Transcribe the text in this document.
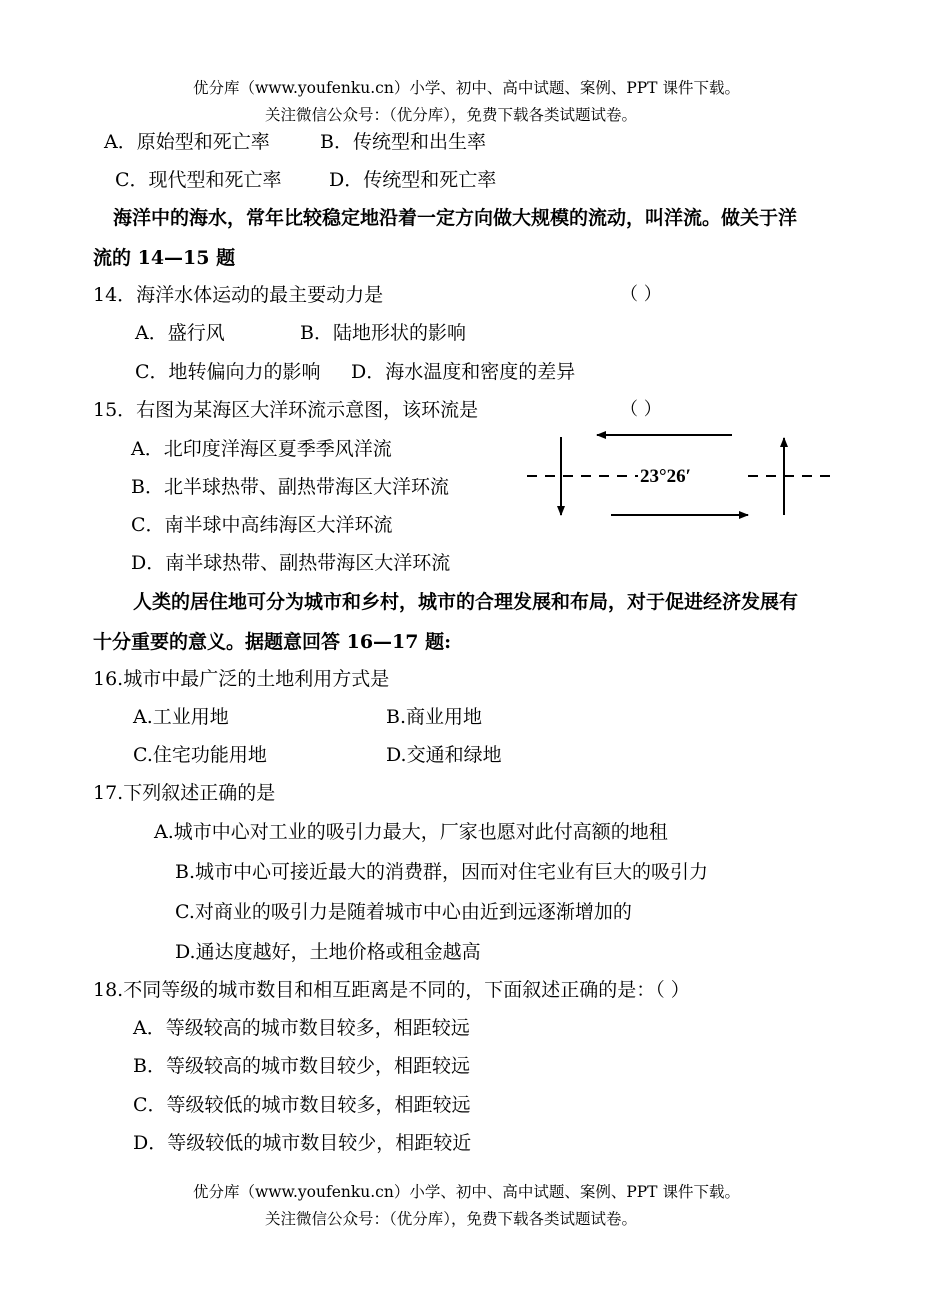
优分库（www.youfenku.cn）小学、初中、高中试题、案例、PPT 课件下载。
关注微信公众号：（优分库），免费下载各类试题试卷。
A．原始型和死亡率	B．传统型和出生率
C．现代型和死亡率 D．传统型和死亡率
海洋中的海水，常年比较稳定地沿着一定方向做大规模的流动，叫洋流。做关于洋
流的 14—15 题
14．海洋水体运动的最主要动力是	（ ）
A．盛行风	B．陆地形状的影响
C．地转偏向力的影响 D．海水温度和密度的差异
15．右图为某海区大洋环流示意图，该环流是	（ ）
A．北印度洋海区夏季季风洋流
B．北半球热带、副热带海区大洋环流
C．南半球中高纬海区大洋环流
D．南半球热带、副热带海区大洋环流
23°26′
人类的居住地可分为城市和乡村，城市的合理发展和布局，对于促进经济发展有
十分重要的意义。据题意回答 16—17 题:
16.城市中最广泛的土地利用方式是
A.工业用地	B.商业用地
C.住宅功能用地	D.交通和绿地
17.下列叙述正确的是
A.城市中心对工业的吸引力最大，厂家也愿对此付高额的地租
B.城市中心可接近最大的消费群，因而对住宅业有巨大的吸引力
C.对商业的吸引力是随着城市中心由近到远逐渐增加的
D.通达度越好，土地价格或租金越高
18.不同等级的城市数目和相互距离是不同的，下面叙述正确的是：（ ）
A．等级较高的城市数目较多，相距较远
B．等级较高的城市数目较少，相距较远
C．等级较低的城市数目较多，相距较远
D．等级较低的城市数目较少，相距较近
优分库（www.youfenku.cn）小学、初中、高中试题、案例、PPT 课件下载。
关注微信公众号：（优分库），免费下载各类试题试卷。
